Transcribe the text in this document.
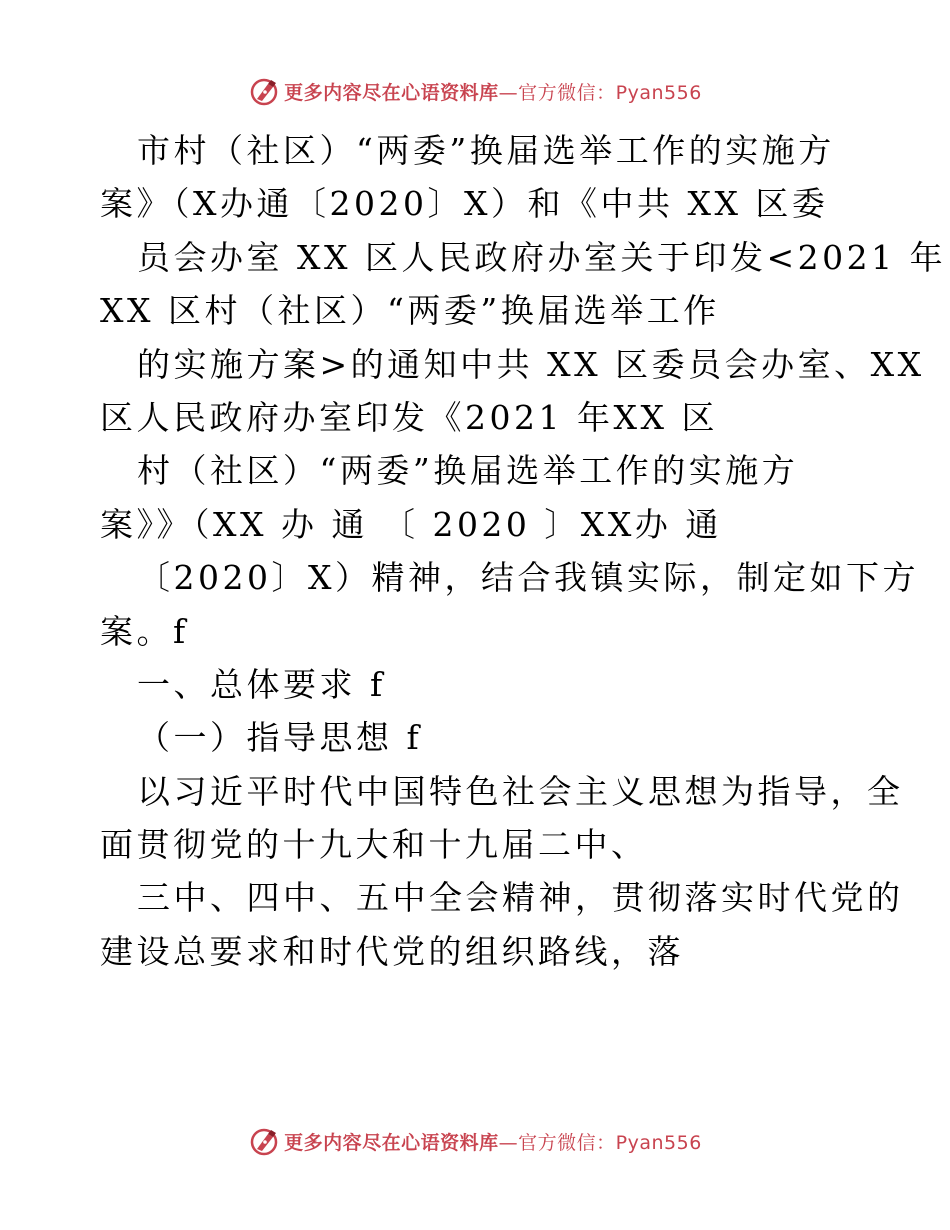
更多内容尽在心语资料库 —官方微信：Pyan556
市村（社区）“两委”换届选举工作的实施方
案》（X办通〔2020〕X）和《中共 XX 区委
员会办室 XX 区人民政府办室关于印发<2021 年
XX 区村（社区）“两委”换届选举工作
的实施方案>的通知中共 XX 区委员会办室、XX
区人民政府办室印发《2021 年XX 区
村（社区）“两委”换届选举工作的实施方
案》》（XX 办 通 〔 2020 〕XX办 通
〔2020〕X）精神，结合我镇实际，制定如下方
案。f
一、总体要求 f
（一）指导思想 f
以习近平时代中国特色社会主义思想为指导，全
面贯彻党的十九大和十九届二中、
三中、四中、五中全会精神，贯彻落实时代党的
建设总要求和时代党的组织路线，落
更多内容尽在心语资料库 —官方微信：Pyan556
